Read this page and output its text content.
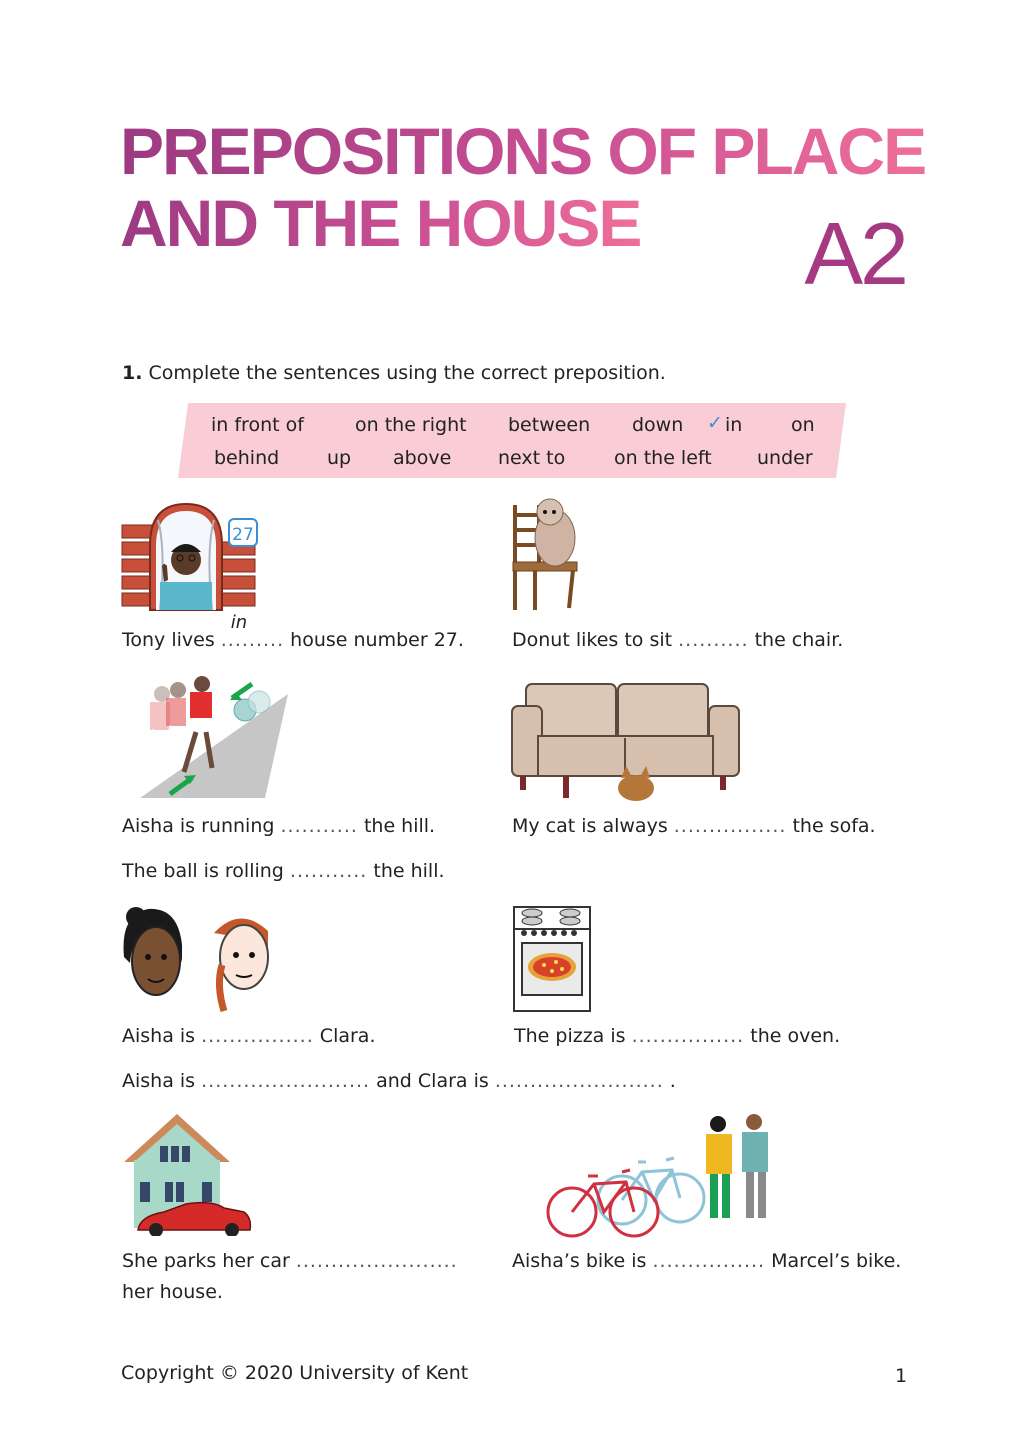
PREPOSITIONS OF PLACE
AND THE HOUSE A2
1. Complete the sentences using the correct preposition.
in front of	on the right between down ✓ in	on
behind	up above next to	on the left under
27
Tony lives .........
in
house number 27.	Donut likes to sit .......... the chair.
Aisha is running ........... the hill.	My cat is always ................ the sofa.
The ball is rolling ........... the hill.
Aisha is ................ Clara.	The pizza is ................ the oven.
Aisha is ........................ and Clara is ........................ .
She parks her car .......................
her house.
Aisha’s bike is ................ Marcel’s bike.
Copyright © 2020 University of Kent	1
